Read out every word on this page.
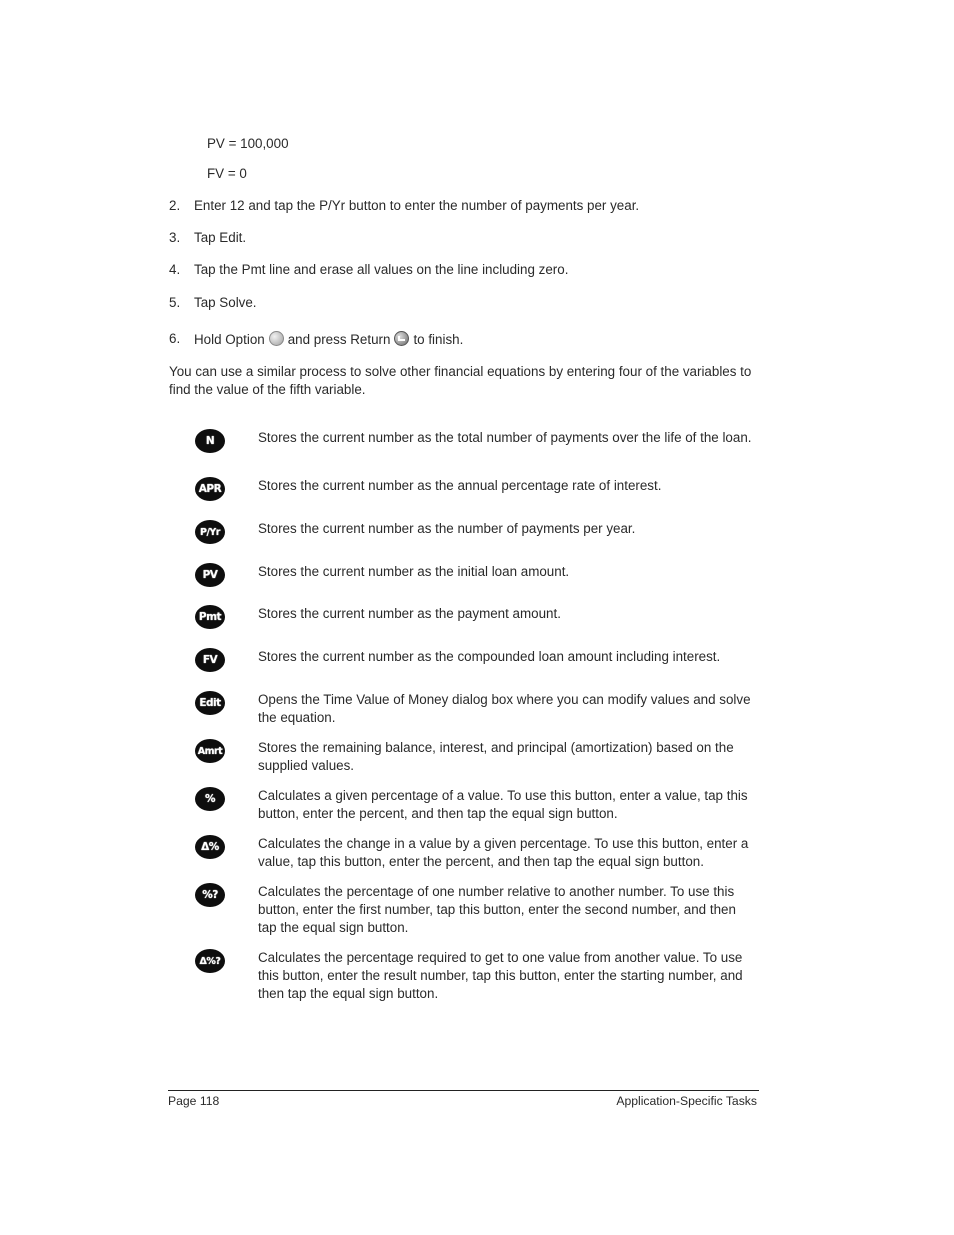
PV = 100,000
FV = 0
2. Enter 12 and tap the P/Yr button to enter the number of payments per year.
3. Tap Edit.
4. Tap the Pmt line and erase all values on the line including zero.
5. Tap Solve.
6. Hold Option and press Return to finish.
You can use a similar process to solve other financial equations by entering four of the variables to find the value of the fifth variable.
N	Stores the current number as the total number of payments over the life of the loan.
APR	Stores the current number as the annual percentage rate of interest.
P/Yr	Stores the current number as the number of payments per year.
PV	Stores the current number as the initial loan amount.
Pmt	Stores the current number as the payment amount.
FV	Stores the current number as the compounded loan amount including interest.
Edit	Opens the Time Value of Money dialog box where you can modify values and solve the equation.
Amrt	Stores the remaining balance, interest, and principal (amortization) based on the supplied values.
%	Calculates a given percentage of a value. To use this button, enter a value, tap this button, enter the percent, and then tap the equal sign button.
Δ%	Calculates the change in a value by a given percentage. To use this button, enter a value, tap this button, enter the percent, and then tap the equal sign button.
%?	Calculates the percentage of one number relative to another number. To use this button, enter the first number, tap this button, enter the second number, and then tap the equal sign button.
Δ%?	Calculates the percentage required to get to one value from another value. To use this button, enter the result number, tap this button, enter the starting number, and then tap the equal sign button.
Page 118	Application-Specific Tasks
